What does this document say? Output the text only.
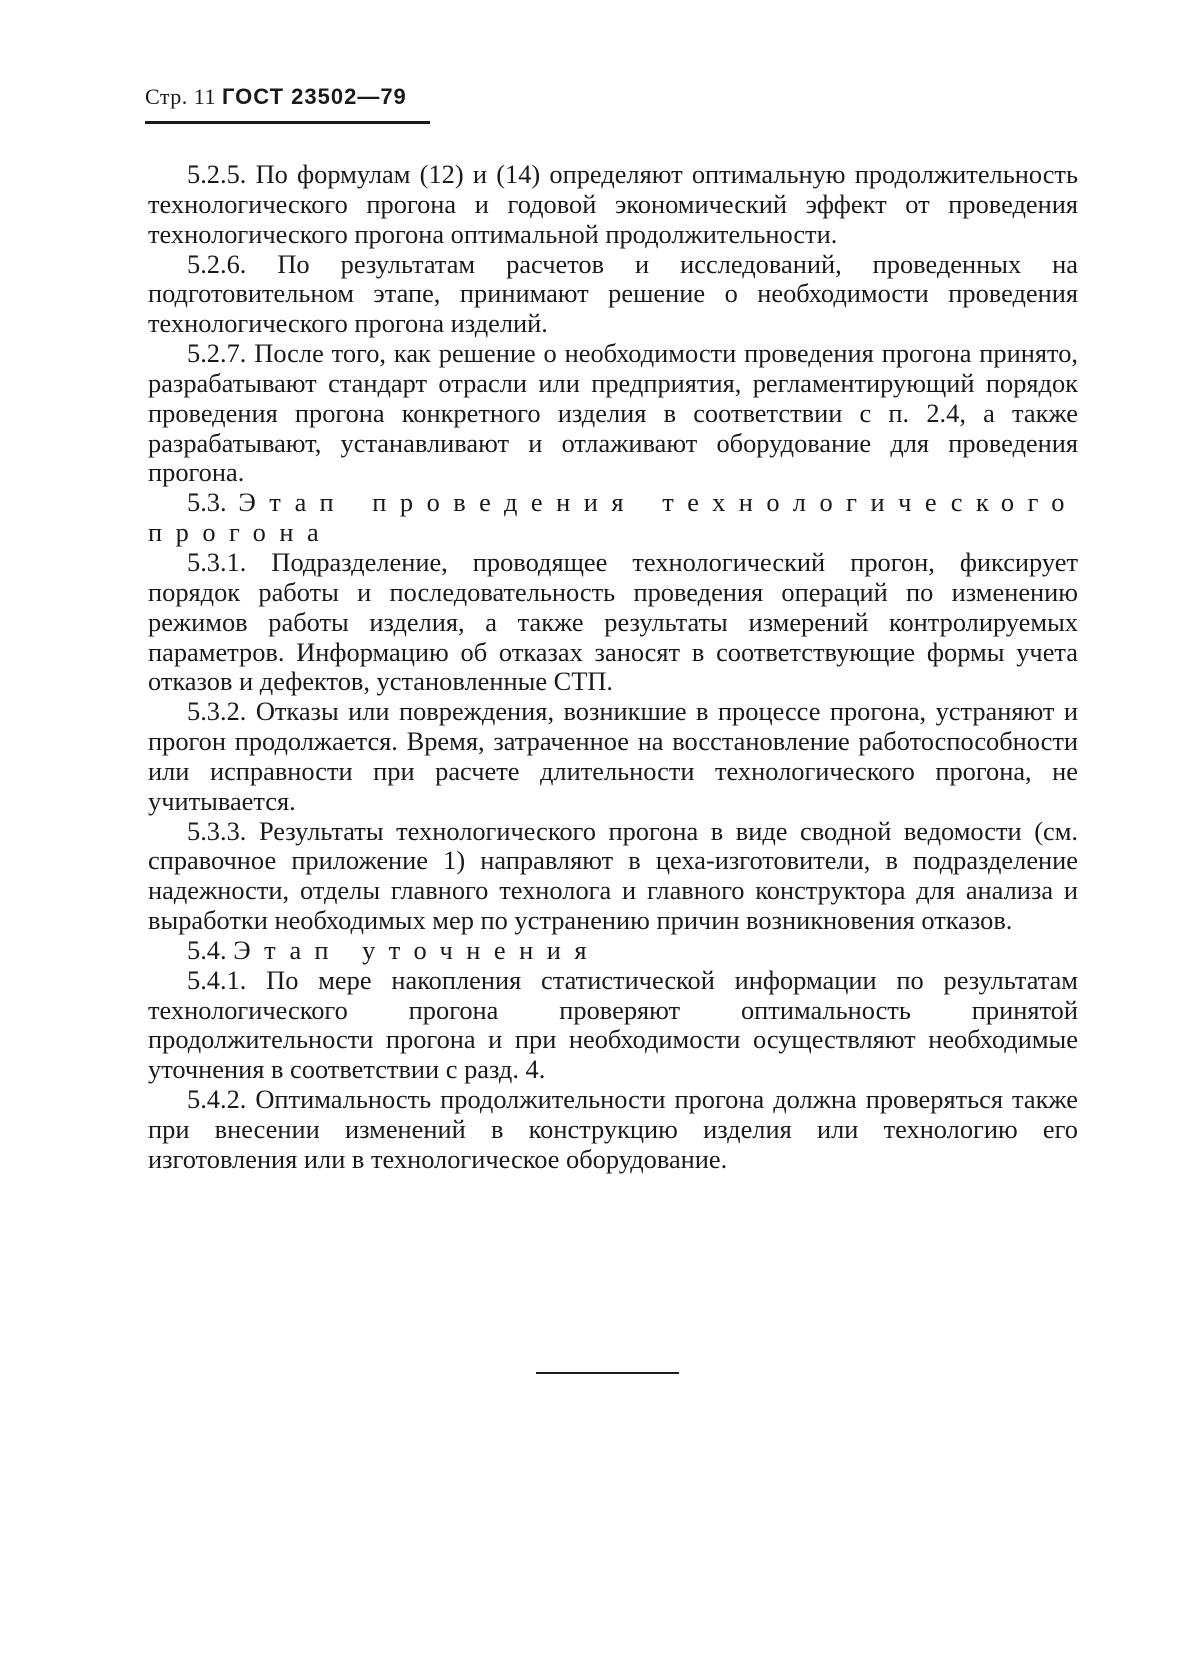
Стр. 11 ГОСТ 23502—79

5.2.5. По формулам (12) и (14) определяют оптимальную продолжительность технологического прогона и годовой экономический эффект от проведения технологического прогона оптимальной продолжительности.

5.2.6. По результатам расчетов и исследований, проведенных на подготовительном этапе, принимают решение о необходимости проведения технологического прогона изделий.

5.2.7. После того, как решение о необходимости проведения прогона принято, разрабатывают стандарт отрасли или предприятия, регламентирующий порядок проведения прогона конкретного изделия в соответствии с п. 2.4, а также разрабатывают, устанавливают и отлаживают оборудование для проведения прогона.

5.3. Этап проведения технологического прогона

5.3.1. Подразделение, проводящее технологический прогон, фиксирует порядок работы и последовательность проведения операций по изменению режимов работы изделия, а также результаты измерений контролируемых параметров. Информацию об отказах заносят в соответствующие формы учета отказов и дефектов, установленные СТП.

5.3.2. Отказы или повреждения, возникшие в процессе прогона, устраняют и прогон продолжается. Время, затраченное на восстановление работоспособности или исправности при расчете длительности технологического прогона, не учитывается.

5.3.3. Результаты технологического прогона в виде сводной ведомости (см. справочное приложение 1) направляют в цеха-изготовители, в подразделение надежности, отделы главного технолога и главного конструктора для анализа и выработки необходимых мер по устранению причин возникновения отказов.

5.4. Этап уточнения

5.4.1. По мере накопления статистической информации по результатам технологического прогона проверяют оптимальность принятой продолжительности прогона и при необходимости осуществляют необходимые уточнения в соответствии с разд. 4.

5.4.2. Оптимальность продолжительности прогона должна проверяться также при внесении изменений в конструкцию изделия или технологию его изготовления или в технологическое оборудование.
